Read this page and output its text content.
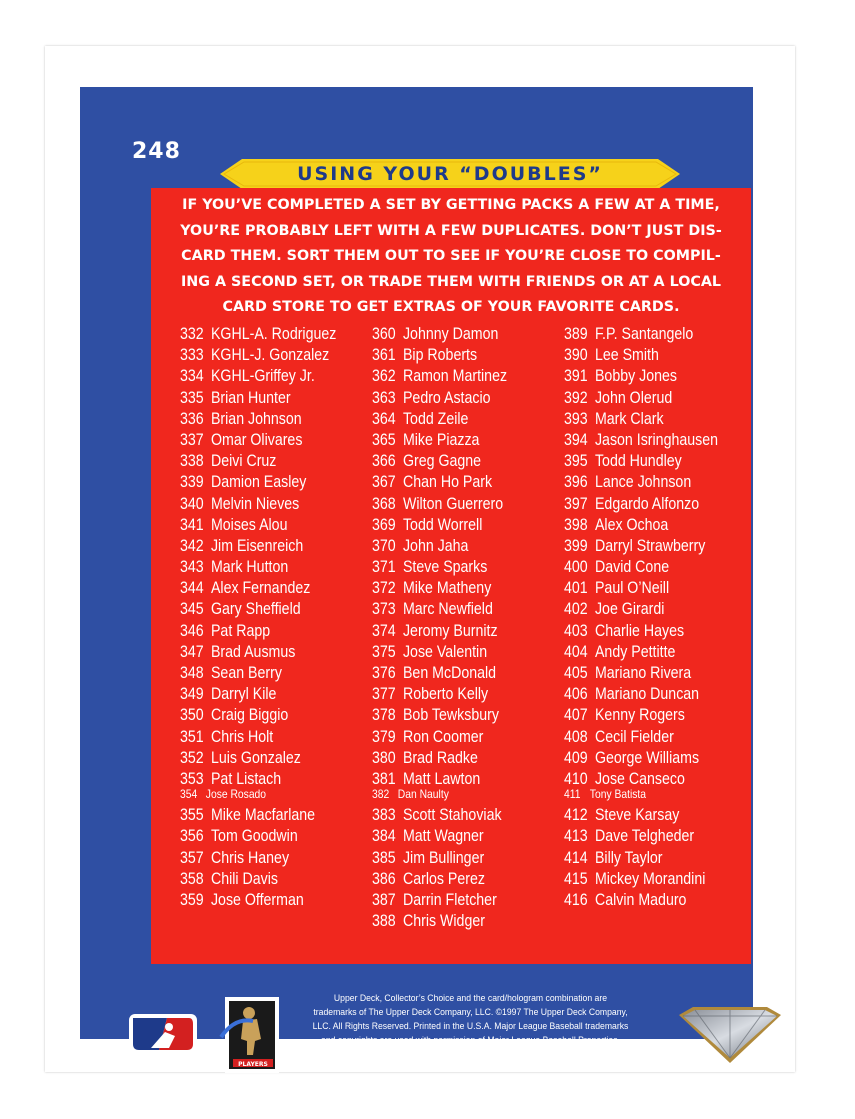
248
USING YOUR “DOUBLES”
IF YOU’VE COMPLETED A SET BY GETTING PACKS A FEW AT A TIME,
YOU’RE PROBABLY LEFT WITH A FEW DUPLICATES. DON’T JUST DIS-
CARD THEM. SORT THEM OUT TO SEE IF YOU’RE CLOSE TO COMPIL-
ING A SECOND SET, OR TRADE THEM WITH FRIENDS OR AT A LOCAL
CARD STORE TO GET EXTRAS OF YOUR FAVORITE CARDS.
332 KGHL-A. Rodriguez
333 KGHL-J. Gonzalez
334 KGHL-Griffey Jr.
335 Brian Hunter
336 Brian Johnson
337 Omar Olivares
338 Deivi Cruz
339 Damion Easley
340 Melvin Nieves
341 Moises Alou
342 Jim Eisenreich
343 Mark Hutton
344 Alex Fernandez
345 Gary Sheffield
346 Pat Rapp
347 Brad Ausmus
348 Sean Berry
349 Darryl Kile
350 Craig Biggio
351 Chris Holt
352 Luis Gonzalez
353 Pat Listach
354 Jose Rosado
355 Mike Macfarlane
356 Tom Goodwin
357 Chris Haney
358 Chili Davis
359 Jose Offerman
360 Johnny Damon
361 Bip Roberts
362 Ramon Martinez
363 Pedro Astacio
364 Todd Zeile
365 Mike Piazza
366 Greg Gagne
367 Chan Ho Park
368 Wilton Guerrero
369 Todd Worrell
370 John Jaha
371 Steve Sparks
372 Mike Matheny
373 Marc Newfield
374 Jeromy Burnitz
375 Jose Valentin
376 Ben McDonald
377 Roberto Kelly
378 Bob Tewksbury
379 Ron Coomer
380 Brad Radke
381 Matt Lawton
382 Dan Naulty
383 Scott Stahoviak
384 Matt Wagner
385 Jim Bullinger
386 Carlos Perez
387 Darrin Fletcher
388 Chris Widger
389 F.P. Santangelo
390 Lee Smith
391 Bobby Jones
392 John Olerud
393 Mark Clark
394 Jason Isringhausen
395 Todd Hundley
396 Lance Johnson
397 Edgardo Alfonzo
398 Alex Ochoa
399 Darryl Strawberry
400 David Cone
401 Paul O’Neill
402 Joe Girardi
403 Charlie Hayes
404 Andy Pettitte
405 Mariano Rivera
406 Mariano Duncan
407 Kenny Rogers
408 Cecil Fielder
409 George Williams
410 Jose Canseco
411 Tony Batista
412 Steve Karsay
413 Dave Telgheder
414 Billy Taylor
415 Mickey Morandini
416 Calvin Maduro
MAJOR LEAGUE BASEBALL
PLAYERS
Upper Deck, Collector’s Choice and the card/hologram combination are
trademarks of The Upper Deck Company, LLC. ©1997 The Upper Deck Company,
LLC. All Rights Reserved. Printed in the U.S.A. Major League Baseball trademarks
and copyrights are used with permission of Major League Baseball Properties,
Inc. ©MLBPA. Official Licensee of Major League Baseball Players Association.
